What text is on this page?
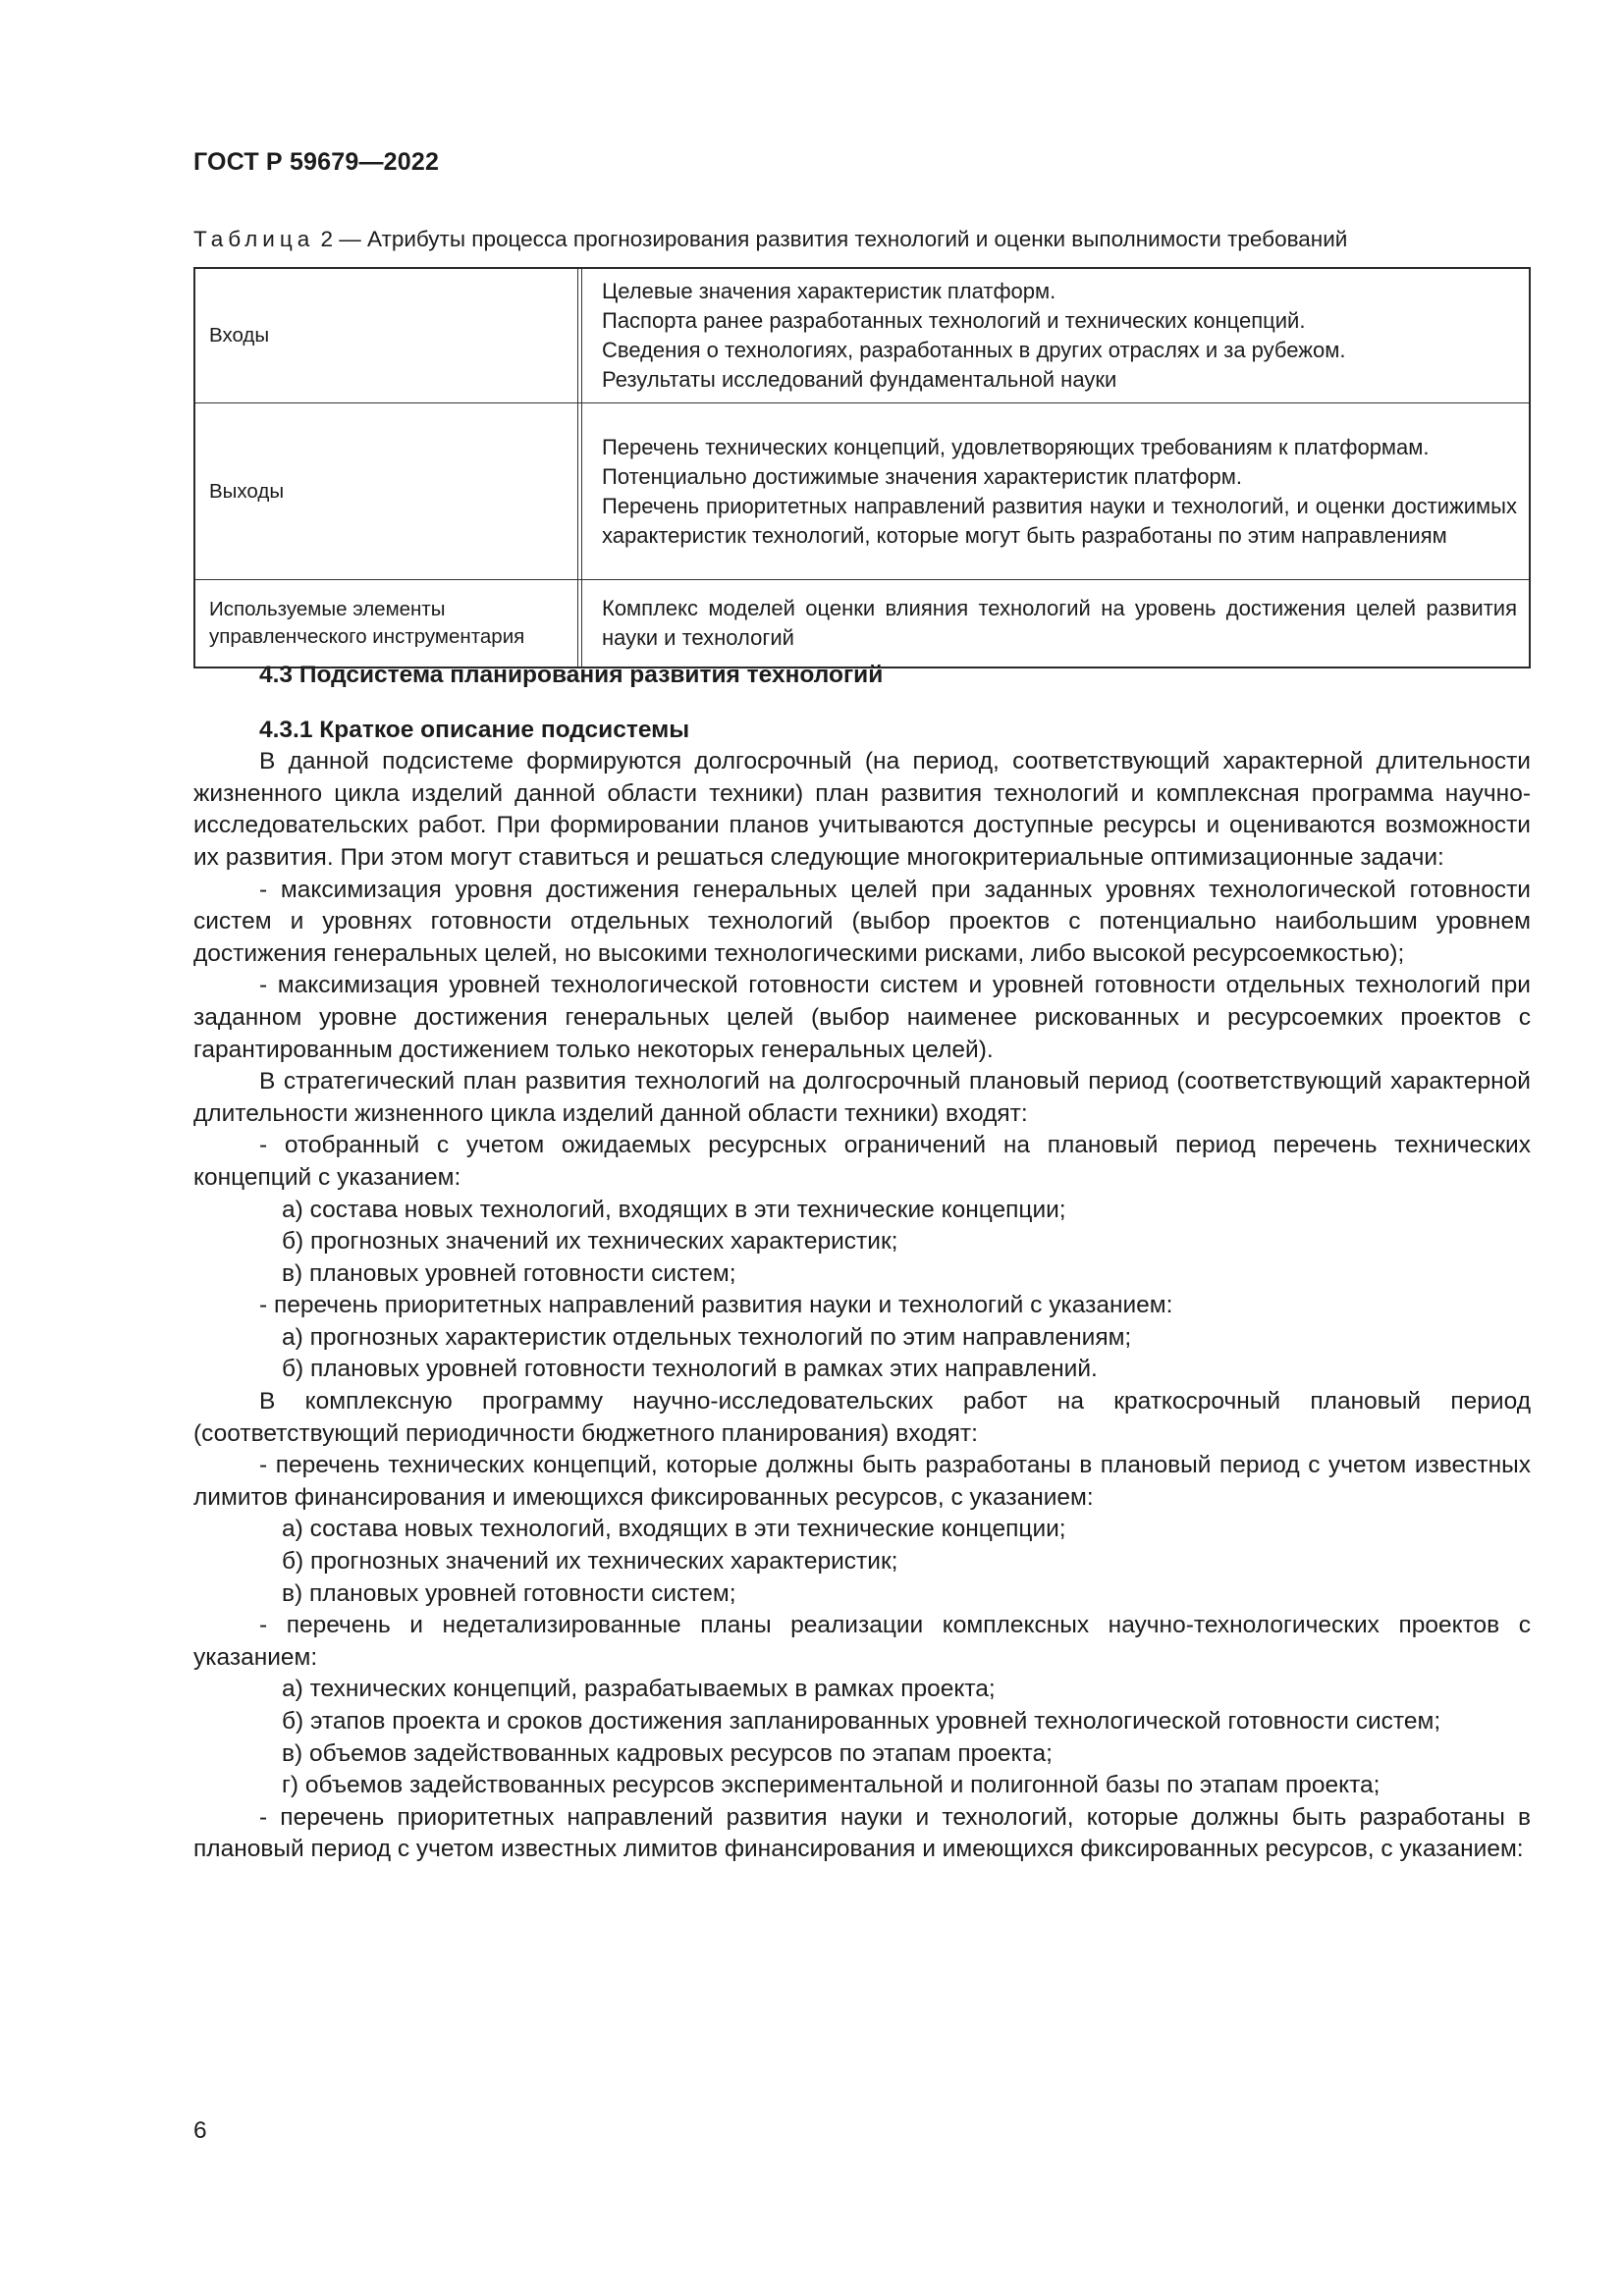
ГОСТ Р 59679—2022
Таблица 2 — Атрибуты процесса прогнозирования развития технологий и оценки выполнимости требований
Входы	Целевые значения характеристик платформ.
Паспорта ранее разработанных технологий и технических концепций.
Сведения о технологиях, разработанных в других отраслях и за рубежом.
Результаты исследований фундаментальной науки

Выходы	Перечень технических концепций, удовлетворяющих требованиям к платформам.
Потенциально достижимые значения характеристик платформ.
Перечень приоритетных направлений развития науки и технологий, и оценки достижимых характеристик технологий, которые могут быть разработаны по этим направлениям

Используемые элементы управленческого инструментария	Комплекс моделей оценки влияния технологий на уровень достижения целей развития науки и технологий

4.3 Подсистема планирования развития технологий

4.3.1 Краткое описание подсистемы

В данной подсистеме формируются долгосрочный (на период, соответствующий характерной длительности жизненного цикла изделий данной области техники) план развития технологий и комплексная программа научно-исследовательских работ. При формировании планов учитываются доступные ресурсы и оцениваются возможности их развития. При этом могут ставиться и решаться следующие многокритериальные оптимизационные задачи:

- максимизация уровня достижения генеральных целей при заданных уровнях технологической готовности систем и уровнях готовности отдельных технологий (выбор проектов с потенциально наибольшим уровнем достижения генеральных целей, но высокими технологическими рисками, либо высокой ресурсоемкостью);

- максимизация уровней технологической готовности систем и уровней готовности отдельных технологий при заданном уровне достижения генеральных целей (выбор наименее рискованных и ресурсоемких проектов с гарантированным достижением только некоторых генеральных целей).

В стратегический план развития технологий на долгосрочный плановый период (соответствующий характерной длительности жизненного цикла изделий данной области техники) входят:

- отобранный с учетом ожидаемых ресурсных ограничений на плановый период перечень технических концепций с указанием:

а) состава новых технологий, входящих в эти технические концепции;

б) прогнозных значений их технических характеристик;

в) плановых уровней готовности систем;

- перечень приоритетных направлений развития науки и технологий с указанием:

а) прогнозных характеристик отдельных технологий по этим направлениям;

б) плановых уровней готовности технологий в рамках этих направлений.

В комплексную программу научно-исследовательских работ на краткосрочный плановый период (соответствующий периодичности бюджетного планирования) входят:

- перечень технических концепций, которые должны быть разработаны в плановый период с учетом известных лимитов финансирования и имеющихся фиксированных ресурсов, с указанием:

а) состава новых технологий, входящих в эти технические концепции;

б) прогнозных значений их технических характеристик;

в) плановых уровней готовности систем;

- перечень и недетализированные планы реализации комплексных научно-технологических проектов с указанием:

а) технических концепций, разрабатываемых в рамках проекта;

б) этапов проекта и сроков достижения запланированных уровней технологической готовности систем;

в) объемов задействованных кадровых ресурсов по этапам проекта;

г) объемов задействованных ресурсов экспериментальной и полигонной базы по этапам проекта;

- перечень приоритетных направлений развития науки и технологий, которые должны быть разработаны в плановый период с учетом известных лимитов финансирования и имеющихся фиксированных ресурсов, с указанием:

6
